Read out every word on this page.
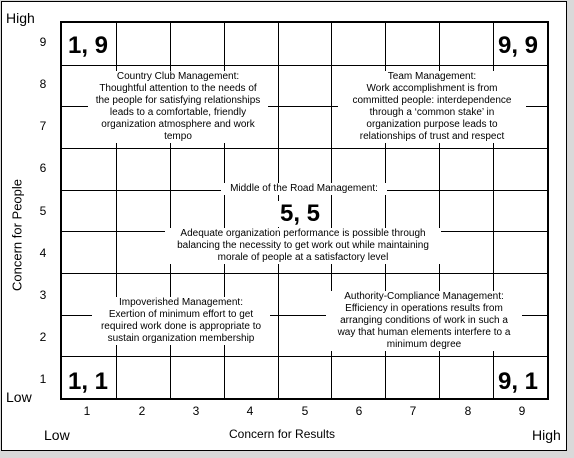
High
Low
Low	High
Concern for People
Concern for Results
9
8
7
6
5
4
3
2
1
1	2	3	4	5	6	7	8	9
1, 9	9, 9
1, 1	9, 1
Country Club Management:
Thoughtful attention to the needs of
the people for satisfying relationships
leads to a comfortable, friendly
organization atmosphere and work
tempo
Team Management:
Work accomplishment is from
committed people: interdependence
through a ‘common stake’ in
organization purpose leads to
relationships of trust and respect
Middle of the Road Management:
5, 5
Adequate organization performance is possible through
balancing the necessity to get work out while maintaining
morale of people at a satisfactory level
Impoverished Management:
Exertion of minimum effort to get
required work done is appropriate to
sustain organization membership
Authority-Compliance Management:
Efficiency in operations results from
arranging conditions of work in such a
way that human elements interfere to a
minimum degree
